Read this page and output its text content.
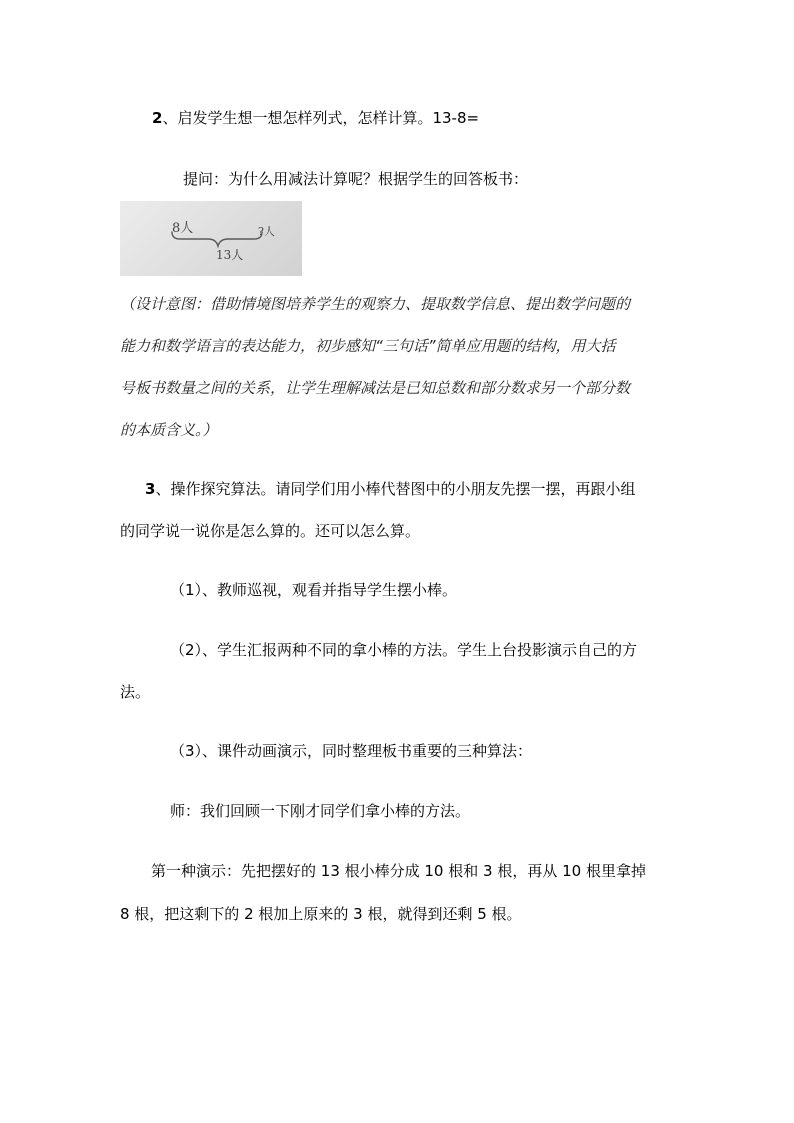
2、启发学生想一想怎样列式，怎样计算。13-8=
提问：为什么用减法计算呢？根据学生的回答板书：
8人	?人
13人
（设计意图：借助情境图培养学生的观察力、提取数学信息、提出数学问题的
能力和数学语言的表达能力，初步感知“三句话”简单应用题的结构，用大括
号板书数量之间的关系，让学生理解减法是已知总数和部分数求另一个部分数
的本质含义。）
3、操作探究算法。请同学们用小棒代替图中的小朋友先摆一摆，再跟小组
的同学说一说你是怎么算的。还可以怎么算。
（1）、教师巡视，观看并指导学生摆小棒。
（2）、学生汇报两种不同的拿小棒的方法。学生上台投影演示自己的方
法。
（3）、课件动画演示，同时整理板书重要的三种算法：
师：我们回顾一下刚才同学们拿小棒的方法。
第一种演示：先把摆好的 13 根小棒分成 10 根和 3 根，再从 10 根里拿掉
8 根，把这剩下的 2 根加上原来的 3 根，就得到还剩 5 根。
